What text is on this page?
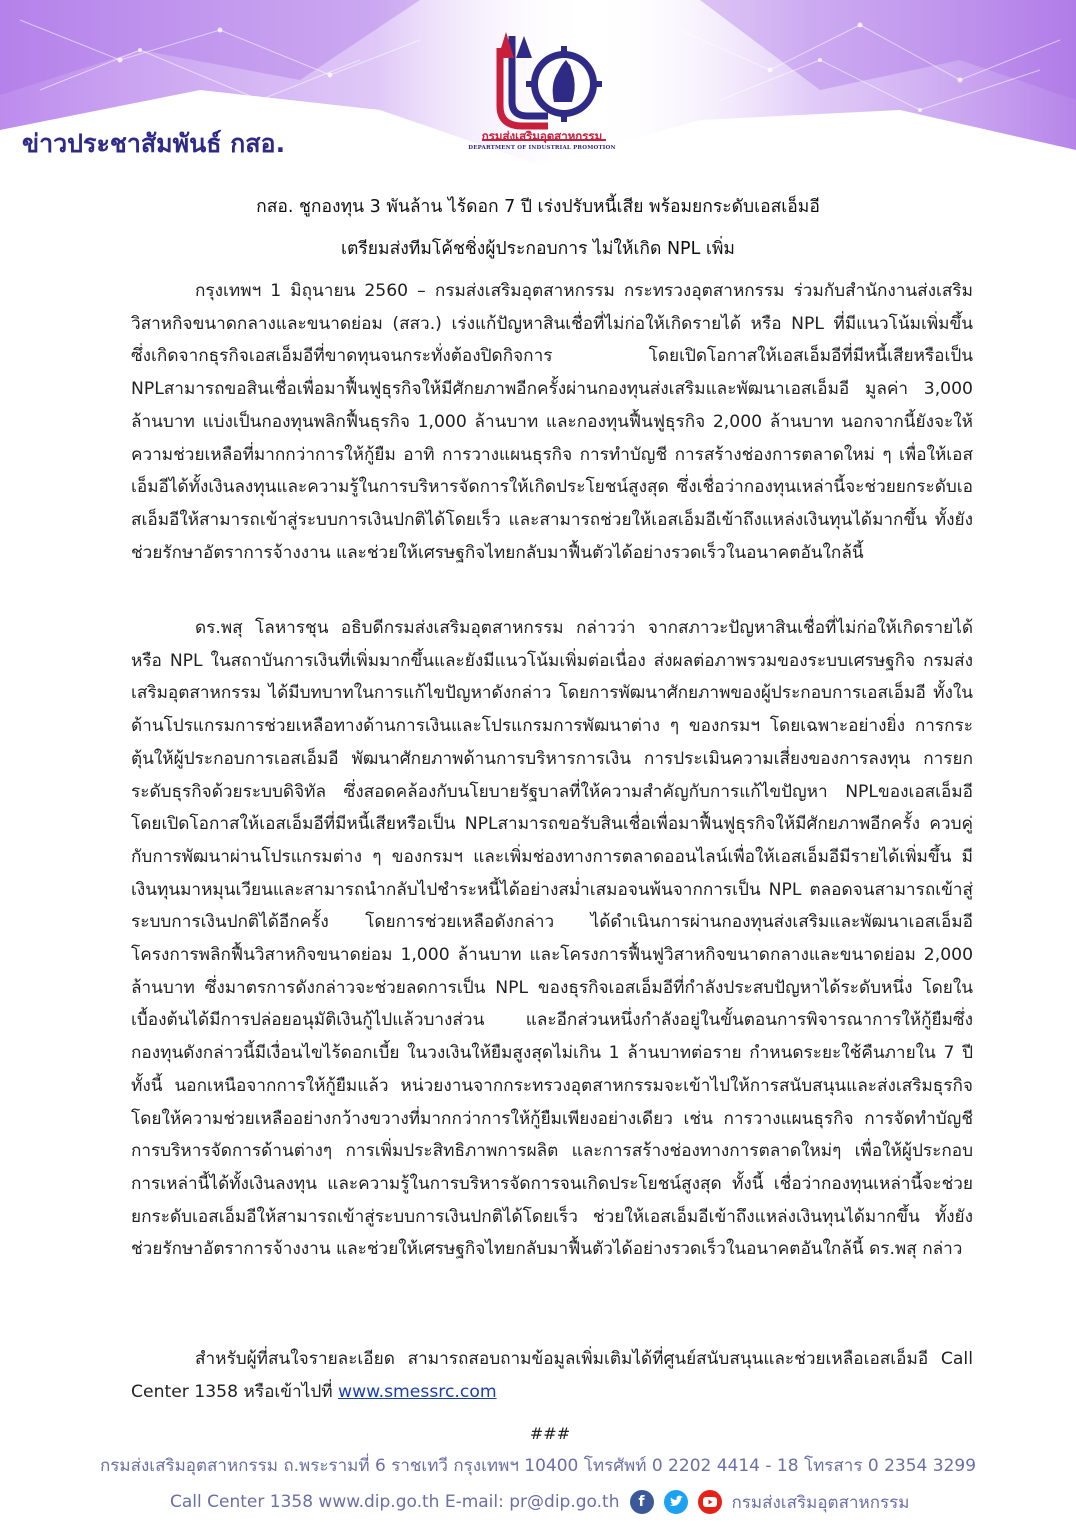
ข่าวประชาสัมพันธ์ กสอ.	กรมส่งเสริมอุตสาหกรรม
DEPARTMENT OF INDUSTRIAL PROMOTION
กสอ. ชูกองทุน 3 พันล้าน ไร้ดอก 7 ปี เร่งปรับหนี้เสีย พร้อมยกระดับเอสเอ็มอี
เตรียมส่งทีมโค้ชชิ่งผู้ประกอบการ ไม่ให้เกิด NPL เพิ่ม

กรุงเทพฯ 1 มิถุนายน 2560 – กรมส่งเสริมอุตสาหกรรม กระทรวงอุตสาหกรรม ร่วมกับสำนักงานส่งเสริมวิสาหกิจขนาดกลางและขนาดย่อม (สสว.) เร่งแก้ปัญหาสินเชื่อที่ไม่ก่อให้เกิดรายได้ หรือ NPL ที่มีแนวโน้มเพิ่มขึ้น ซึ่งเกิดจากธุรกิจเอสเอ็มอีที่ขาดทุนจนกระทั่งต้องปิดกิจการ โดยเปิดโอกาสให้เอสเอ็มอีที่มีหนี้เสียหรือเป็น NPLสามารถขอสินเชื่อเพื่อมาฟื้นฟูธุรกิจให้มีศักยภาพอีกครั้งผ่านกองทุนส่งเสริมและพัฒนาเอสเอ็มอี มูลค่า 3,000 ล้านบาท แบ่งเป็นกองทุนพลิกฟื้นธุรกิจ 1,000 ล้านบาท และกองทุนฟื้นฟูธุรกิจ 2,000 ล้านบาท นอกจากนี้ยังจะให้ความช่วยเหลือที่มากกว่าการให้กู้ยืม อาทิ การวางแผนธุรกิจ การทำบัญชี การสร้างช่องการตลาดใหม่ ๆ เพื่อให้เอสเอ็มอีได้ทั้งเงินลงทุนและความรู้ในการบริหารจัดการให้เกิดประโยชน์สูงสุด ซึ่งเชื่อว่ากองทุนเหล่านี้จะช่วยยกระดับเอสเอ็มอีให้สามารถเข้าสู่ระบบการเงินปกติได้โดยเร็ว และสามารถช่วยให้เอสเอ็มอีเข้าถึงแหล่งเงินทุนได้มากขึ้น ทั้งยังช่วยรักษาอัตราการจ้างงาน และช่วยให้เศรษฐกิจไทยกลับมาฟื้นตัวได้อย่างรวดเร็วในอนาคตอันใกล้นี้

ดร.พสุ โลหารชุน อธิบดีกรมส่งเสริมอุตสาหกรรม กล่าวว่า จากสภาวะปัญหาสินเชื่อที่ไม่ก่อให้เกิดรายได้หรือ NPL ในสถาบันการเงินที่เพิ่มมากขึ้นและยังมีแนวโน้มเพิ่มต่อเนื่อง ส่งผลต่อภาพรวมของระบบเศรษฐกิจ กรมส่งเสริมอุตสาหกรรม ได้มีบทบาทในการแก้ไขปัญหาดังกล่าว โดยการพัฒนาศักยภาพของผู้ประกอบการเอสเอ็มอี ทั้งในด้านโปรแกรมการช่วยเหลือทางด้านการเงินและโปรแกรมการพัฒนาต่าง ๆ ของกรมฯ โดยเฉพาะอย่างยิ่ง การกระตุ้นให้ผู้ประกอบการเอสเอ็มอี พัฒนาศักยภาพด้านการบริหารการเงิน การประเมินความเสี่ยงของการลงทุน การยกระดับธุรกิจด้วยระบบดิจิทัล ซึ่งสอดคล้องกับนโยบายรัฐบาลที่ให้ความสำคัญกับการแก้ไขปัญหา NPLของเอสเอ็มอี โดยเปิดโอกาสให้เอสเอ็มอีที่มีหนี้เสียหรือเป็น NPLสามารถขอรับสินเชื่อเพื่อมาฟื้นฟูธุรกิจให้มีศักยภาพอีกครั้ง ควบคู่กับการพัฒนาผ่านโปรแกรมต่าง ๆ ของกรมฯ และเพิ่มช่องทางการตลาดออนไลน์เพื่อให้เอสเอ็มอีมีรายได้เพิ่มขึ้น มีเงินทุนมาหมุนเวียนและสามารถนำกลับไปชำระหนี้ได้อย่างสม่ำเสมอจนพ้นจากการเป็น NPL ตลอดจนสามารถเข้าสู่ระบบการเงินปกติได้อีกครั้ง โดยการช่วยเหลือดังกล่าว ได้ดำเนินการผ่านกองทุนส่งเสริมและพัฒนาเอสเอ็มอี โครงการพลิกฟื้นวิสาหกิจขนาดย่อม 1,000 ล้านบาท และโครงการฟื้นฟูวิสาหกิจขนาดกลางและขนาดย่อม 2,000 ล้านบาท ซึ่งมาตรการดังกล่าวจะช่วยลดการเป็น NPL ของธุรกิจเอสเอ็มอีที่กำลังประสบปัญหาได้ระดับหนึ่ง โดยในเบื้องต้นได้มีการปล่อยอนุมัติเงินกู้ไปแล้วบางส่วน และอีกส่วนหนึ่งกำลังอยู่ในขั้นตอนการพิจารณาการให้กู้ยืมซึ่งกองทุนดังกล่าวนี้มีเงื่อนไขไร้ดอกเบี้ย ในวงเงินให้ยืมสูงสุดไม่เกิน 1 ล้านบาทต่อราย กำหนดระยะใช้คืนภายใน 7 ปี ทั้งนี้ นอกเหนือจากการให้กู้ยืมแล้ว หน่วยงานจากกระทรวงอุตสาหกรรมจะเข้าไปให้การสนับสนุนและส่งเสริมธุรกิจ โดยให้ความช่วยเหลืออย่างกว้างขวางที่มากกว่าการให้กู้ยืมเพียงอย่างเดียว เช่น การวางแผนธุรกิจ การจัดทำบัญชี การบริหารจัดการด้านต่างๆ การเพิ่มประสิทธิภาพการผลิต และการสร้างช่องทางการตลาดใหม่ๆ เพื่อให้ผู้ประกอบการเหล่านี้ได้ทั้งเงินลงทุน และความรู้ในการบริหารจัดการจนเกิดประโยชน์สูงสุด ทั้งนี้ เชื่อว่ากองทุนเหล่านี้จะช่วยยกระดับเอสเอ็มอีให้สามารถเข้าสู่ระบบการเงินปกติได้โดยเร็ว ช่วยให้เอสเอ็มอีเข้าถึงแหล่งเงินทุนได้มากขึ้น ทั้งยังช่วยรักษาอัตราการจ้างงาน และช่วยให้เศรษฐกิจไทยกลับมาฟื้นตัวได้อย่างรวดเร็วในอนาคตอันใกล้นี้ ดร.พสุ กล่าว

สำหรับผู้ที่สนใจรายละเอียด สามารถสอบถามข้อมูลเพิ่มเติมได้ที่ศูนย์สนับสนุนและช่วยเหลือเอสเอ็มอี Call Center 1358 หรือเข้าไปที่ www.smessrc.com

###
กรมส่งเสริมอุตสาหกรรม ถ.พระรามที่ 6 ราชเทวี กรุงเทพฯ 10400 โทรศัพท์ 0 2202 4414 - 18 โทรสาร 0 2354 3299
Call Center 1358 www.dip.go.th E-mail: pr@dip.go.th	f	กรมส่งเสริมอุตสาหกรรม
